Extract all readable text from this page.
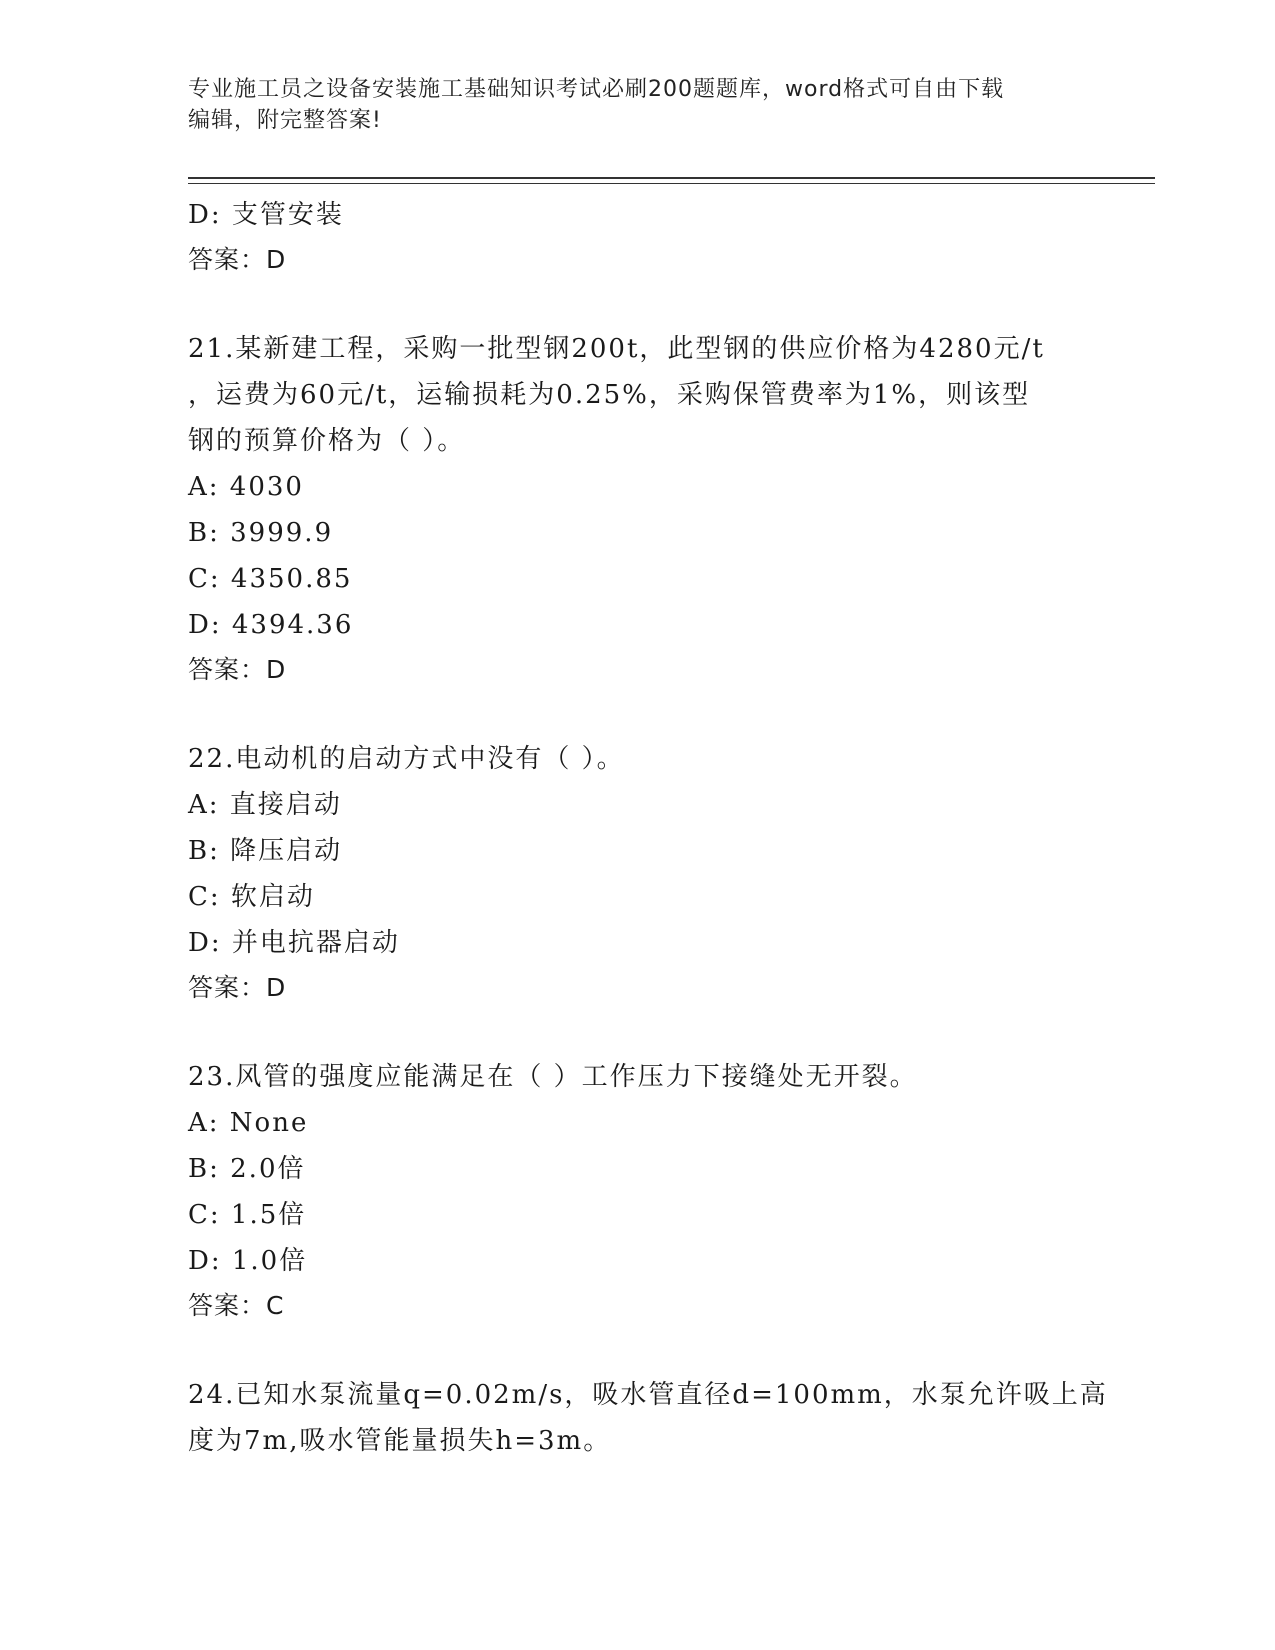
专业施工员之设备安装施工基础知识考试必刷200题题库，word格式可自由下载
编辑，附完整答案!
D: 支管安装
答案：D
21.某新建工程，采购一批型钢200t，此型钢的供应价格为4280元/t
，运费为60元/t，运输损耗为0.25%，采购保管费率为1%，则该型
钢的预算价格为（ ）。
A: 4030
B: 3999.9
C: 4350.85
D: 4394.36
答案：D
22.电动机的启动方式中没有（ ）。
A: 直接启动
B: 降压启动
C: 软启动
D: 并电抗器启动
答案：D
23.风管的强度应能满足在（ ）工作压力下接缝处无开裂。
A: None
B: 2.0倍
C: 1.5倍
D: 1.0倍
答案：C
24.已知水泵流量q=0.02m/s，吸水管直径d=100mm，水泵允许吸上高
度为7m,吸水管能量损失h=3m。
